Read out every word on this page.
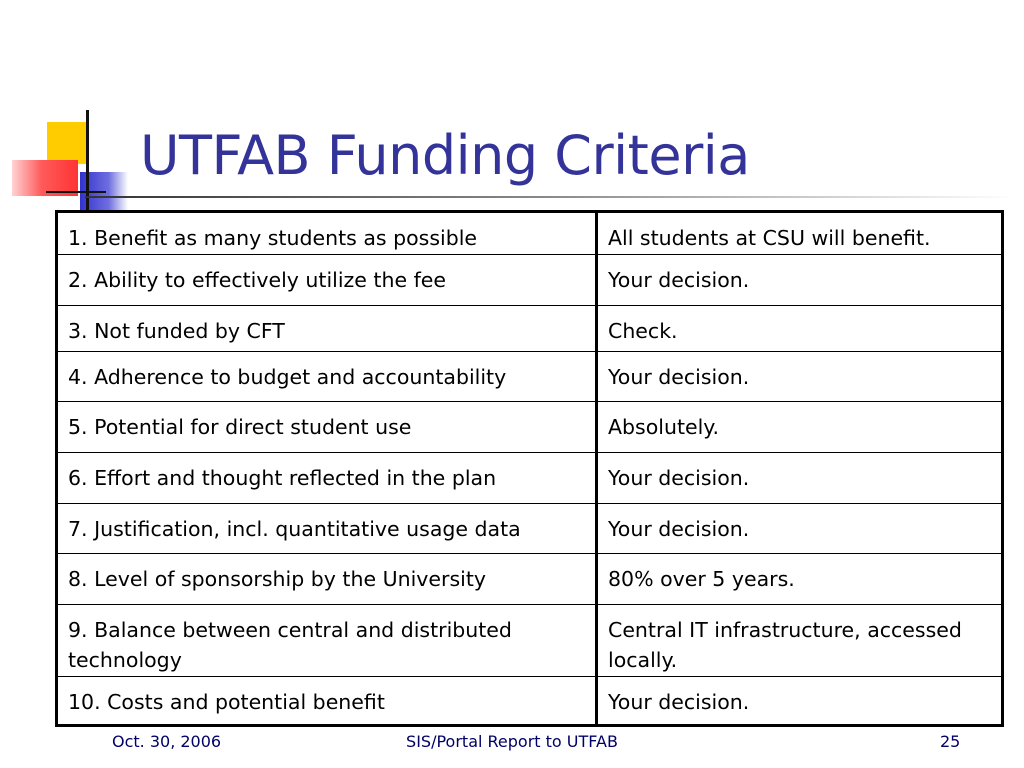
UTFAB Funding Criteria
1. Benefit as many students as possible	All students at CSU will benefit.
2. Ability to effectively utilize the fee	Your decision.
3. Not funded by CFT	Check.
4. Adherence to budget and accountability	Your decision.
5. Potential for direct student use	Absolutely.
6. Effort and thought reflected in the plan	Your decision.
7. Justification, incl. quantitative usage data	Your decision.
8. Level of sponsorship by the University	80% over 5 years.
9. Balance between central and distributed technology	Central IT infrastructure, accessed locally.
10. Costs and potential benefit	Your decision.

Oct. 30, 2006	SIS/Portal Report to UTFAB	25
